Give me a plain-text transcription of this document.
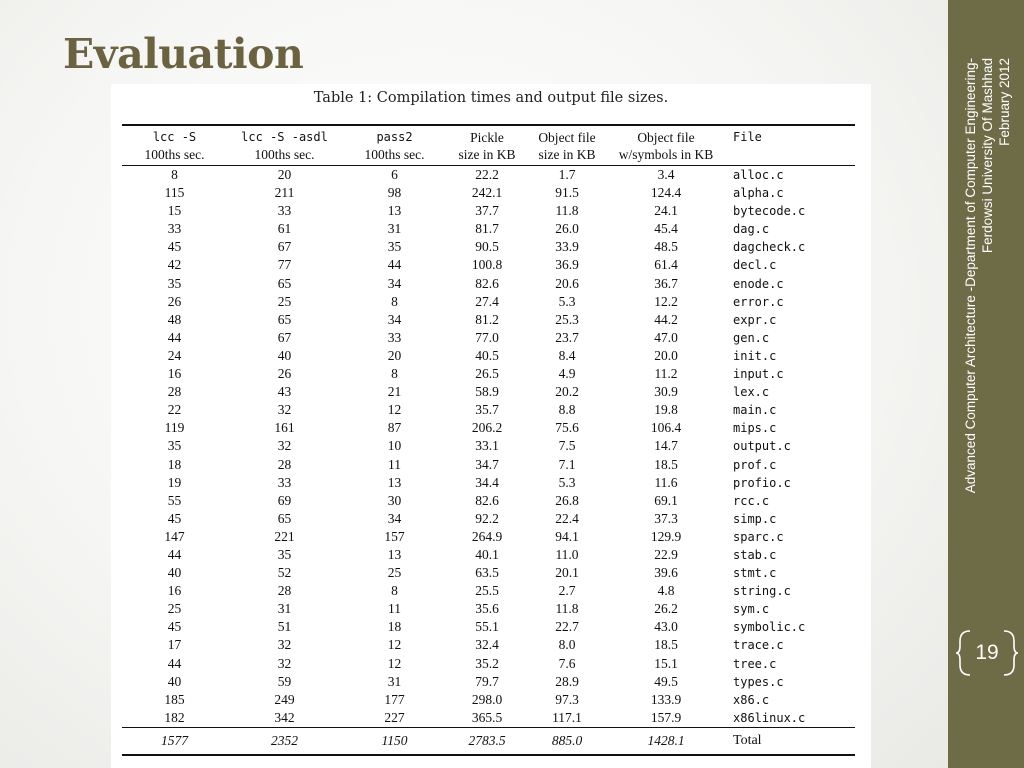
Evaluation
Table 1: Compilation times and output file sizes.
lcc -S	lcc -S -asdl	pass2	Pickle	Object file	Object file	File
100ths sec.	100ths sec.	100ths sec.	size in KB	size in KB	w/symbols in KB	
8	20	6	22.2	1.7	3.4	alloc.c
115	211	98	242.1	91.5	124.4	alpha.c
15	33	13	37.7	11.8	24.1	bytecode.c
33	61	31	81.7	26.0	45.4	dag.c
45	67	35	90.5	33.9	48.5	dagcheck.c
42	77	44	100.8	36.9	61.4	decl.c
35	65	34	82.6	20.6	36.7	enode.c
26	25	8	27.4	5.3	12.2	error.c
48	65	34	81.2	25.3	44.2	expr.c
44	67	33	77.0	23.7	47.0	gen.c
24	40	20	40.5	8.4	20.0	init.c
16	26	8	26.5	4.9	11.2	input.c
28	43	21	58.9	20.2	30.9	lex.c
22	32	12	35.7	8.8	19.8	main.c
119	161	87	206.2	75.6	106.4	mips.c
35	32	10	33.1	7.5	14.7	output.c
18	28	11	34.7	7.1	18.5	prof.c
19	33	13	34.4	5.3	11.6	profio.c
55	69	30	82.6	26.8	69.1	rcc.c
45	65	34	92.2	22.4	37.3	simp.c
147	221	157	264.9	94.1	129.9	sparc.c
44	35	13	40.1	11.0	22.9	stab.c
40	52	25	63.5	20.1	39.6	stmt.c
16	28	8	25.5	2.7	4.8	string.c
25	31	11	35.6	11.8	26.2	sym.c
45	51	18	55.1	22.7	43.0	symbolic.c
17	32	12	32.4	8.0	18.5	trace.c
44	32	12	35.2	7.6	15.1	tree.c
40	59	31	79.7	28.9	49.5	types.c
185	249	177	298.0	97.3	133.9	x86.c
182	342	227	365.5	117.1	157.9	x86linux.c
1577	2352	1150	2783.5	885.0	1428.1	Total
Advanced Computer Architecture -Department of Computer Engineering- Ferdowsi University Of Mashhad February 2012
19
